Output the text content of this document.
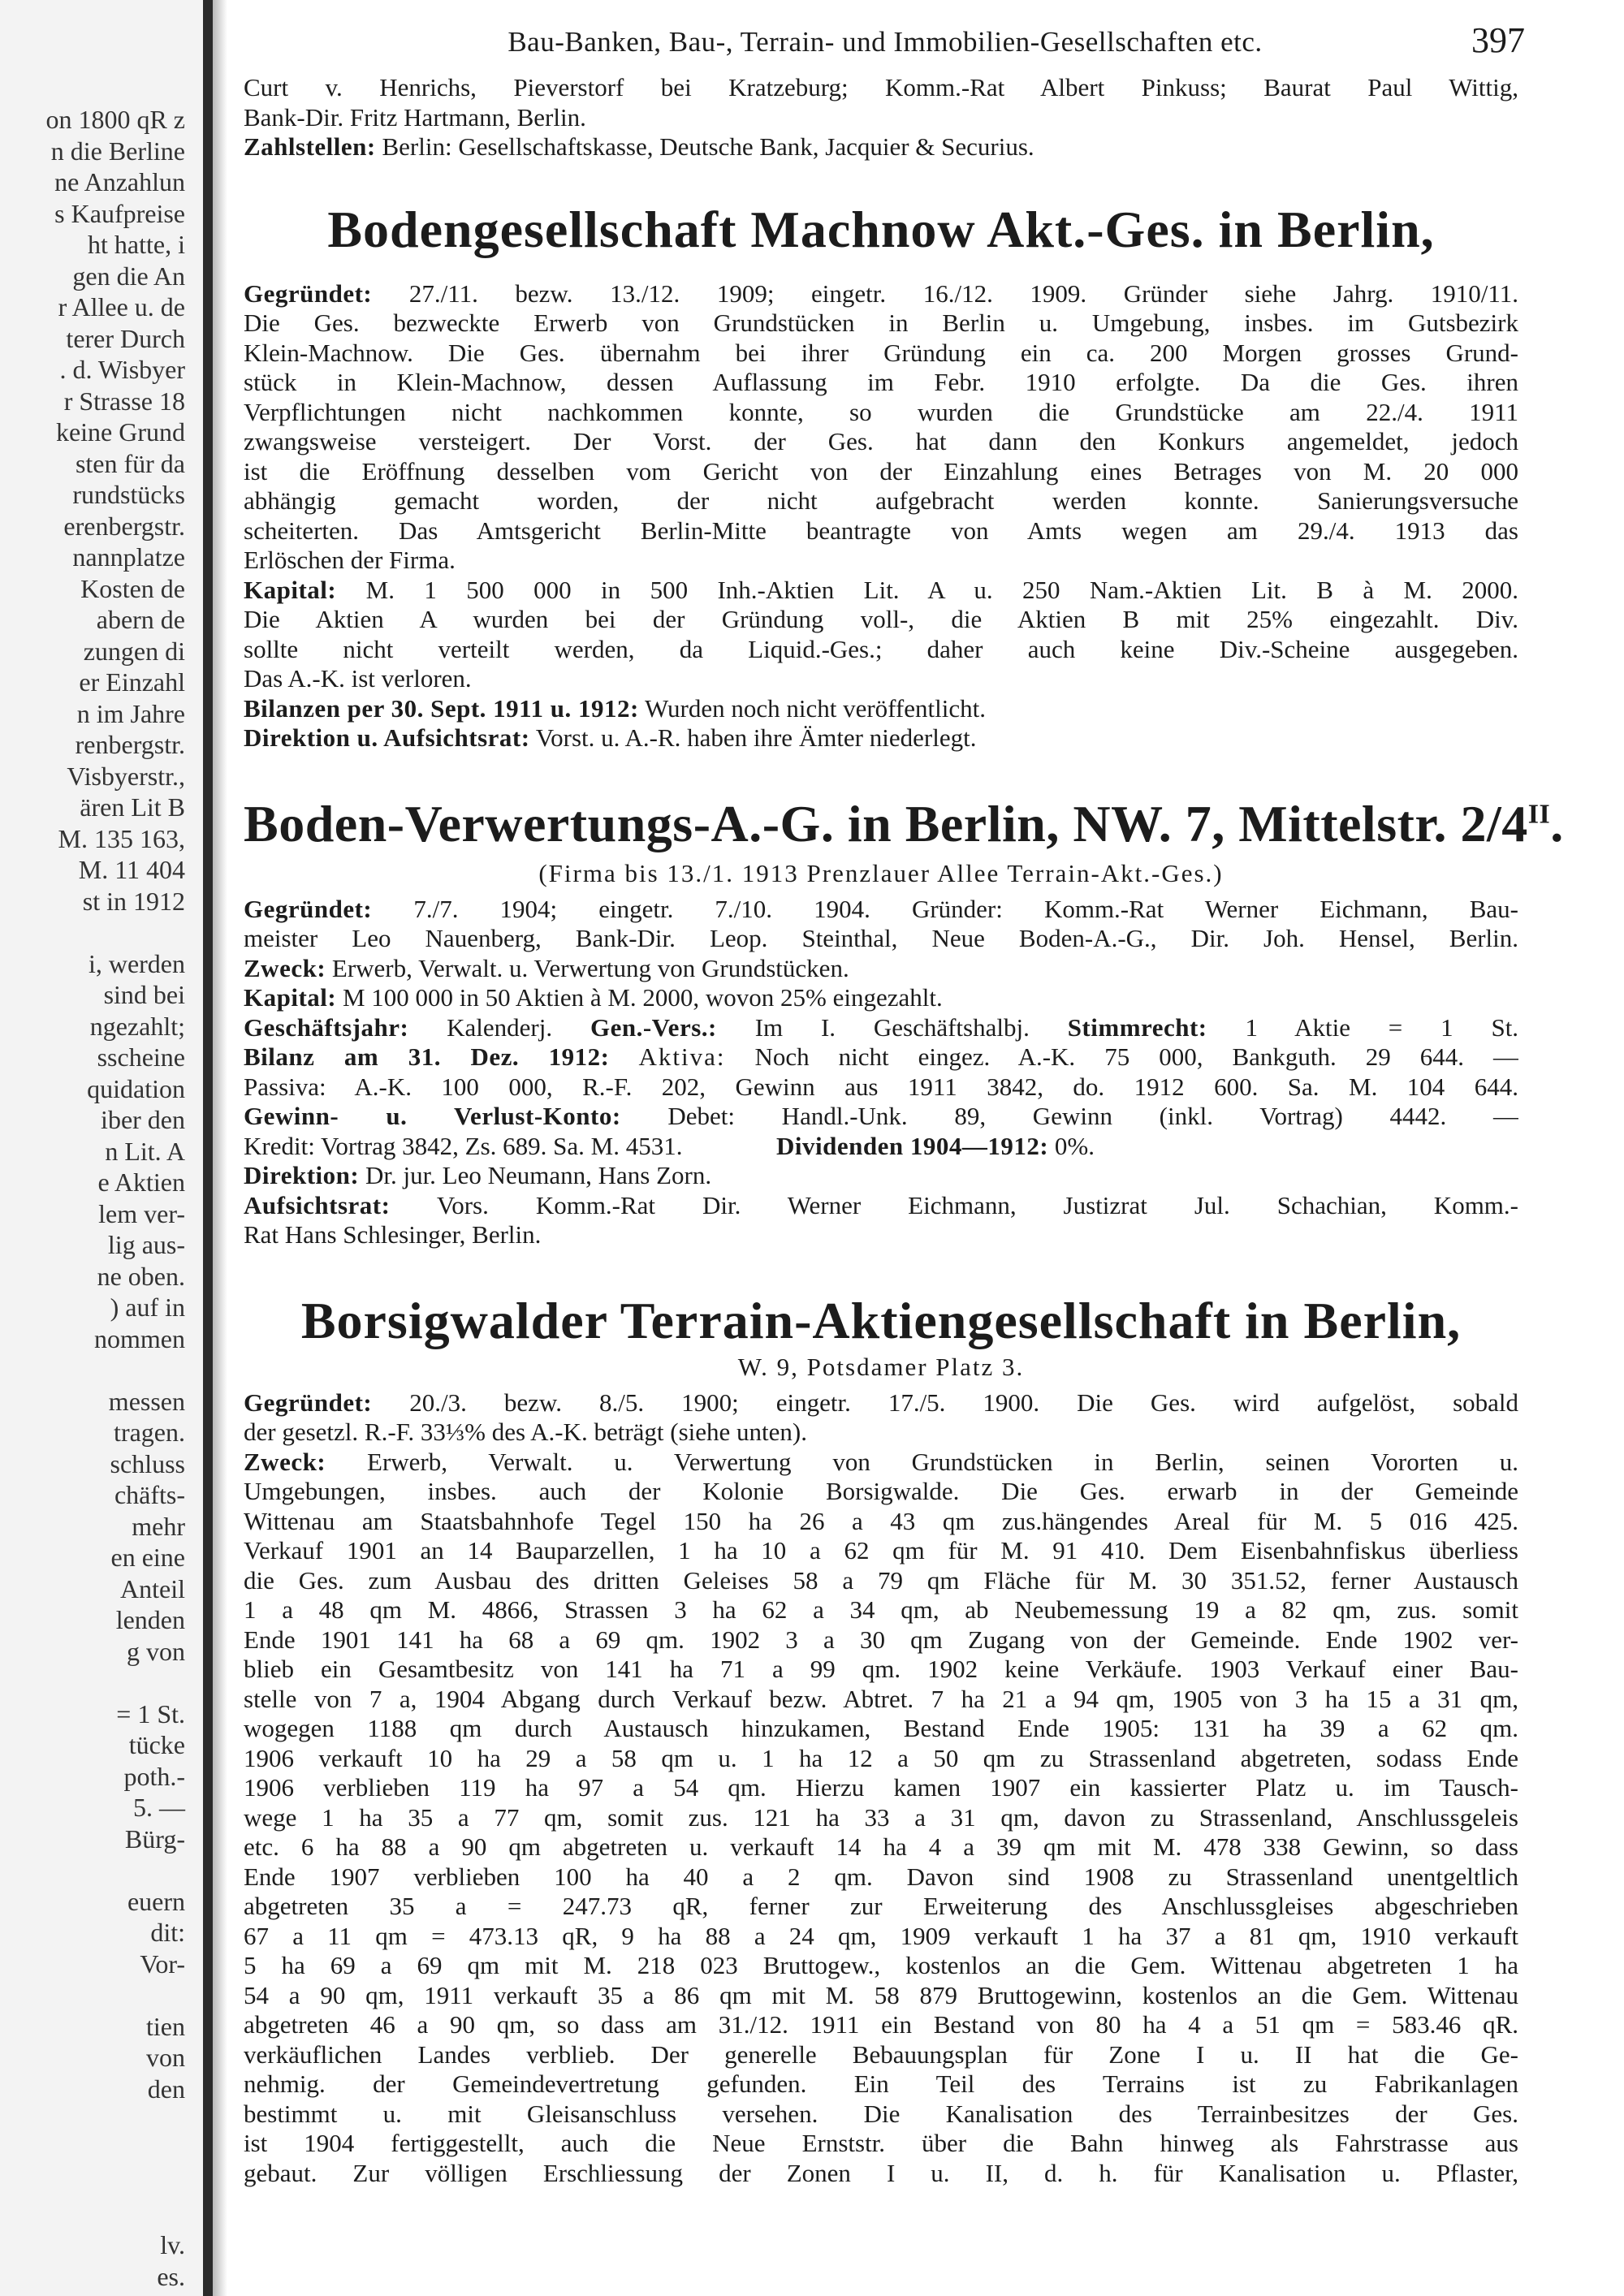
on 1800 qR z
n die Berline
ne Anzahlun
s Kaufpreise
ht hatte, i
gen die An
r Allee u. de
terer Durch
. d. Wisbyer
r Strasse 18
keine Grund
sten für da
rundstücks
erenbergstr.
nannplatze
Kosten de
abern de
zungen di
er Einzahl
n im Jahre
renbergstr.
Visbyerstr.,
ären Lit B
M. 135 163,
M. 11 404
st in 1912
i, werden
sind bei
ngezahlt;
sscheine
quidation
iber den
n Lit. A
e Aktien
lem ver-
lig aus-
ne oben.
) auf in
nommen
messen
tragen.
schluss
chäfts-
mehr
en eine
Anteil
lenden
g von
= 1 St.
tücke
poth.-
5. —
Bürg-
euern
dit:
Vor-
tien
von
den
lv.
es.
Bau-Banken, Bau-, Terrain- und Immobilien-Gesellschaften etc.	397

Curt v. Henrichs, Pieverstorf bei Kratzeburg; Komm.-Rat Albert Pinkuss; Baurat Paul Wittig,

Bank-Dir. Fritz Hartmann, Berlin.

Zahlstellen: Berlin: Gesellschaftskasse, Deutsche Bank, Jacquier & Securius.

Bodengesellschaft Machnow Akt.-Ges. in Berlin,

Gegründet: 27./11. bezw. 13./12. 1909; eingetr. 16./12. 1909. Gründer siehe Jahrg. 1910/11.

Die Ges. bezweckte Erwerb von Grundstücken in Berlin u. Umgebung, insbes. im Gutsbezirk

Klein-Machnow. Die Ges. übernahm bei ihrer Gründung ein ca. 200 Morgen grosses Grund-

stück in Klein-Machnow, dessen Auflassung im Febr. 1910 erfolgte. Da die Ges. ihren

Verpflichtungen nicht nachkommen konnte, so wurden die Grundstücke am 22./4. 1911

zwangsweise versteigert. Der Vorst. der Ges. hat dann den Konkurs angemeldet, jedoch

ist die Eröffnung desselben vom Gericht von der Einzahlung eines Betrages von M. 20 000

abhängig gemacht worden, der nicht aufgebracht werden konnte. Sanierungsversuche

scheiterten. Das Amtsgericht Berlin-Mitte beantragte von Amts wegen am 29./4. 1913 das

Erlöschen der Firma.

Kapital: M. 1 500 000 in 500 Inh.-Aktien Lit. A u. 250 Nam.-Aktien Lit. B à M. 2000.

Die Aktien A wurden bei der Gründung voll-, die Aktien B mit 25% eingezahlt. Div.

sollte nicht verteilt werden, da Liquid.-Ges.; daher auch keine Div.-Scheine ausgegeben.

Das A.-K. ist verloren.

Bilanzen per 30. Sept. 1911 u. 1912: Wurden noch nicht veröffentlicht.

Direktion u. Aufsichtsrat: Vorst. u. A.-R. haben ihre Ämter niederlegt.

Boden-Verwertungs-A.-G. in Berlin, NW. 7, Mittelstr. $2/4^{II}$.
(Firma bis 13./1. 1913 Prenzlauer Allee Terrain-Akt.-Ges.)

Gegründet: 7./7. 1904; eingetr. 7./10. 1904. Gründer: Komm.-Rat Werner Eichmann, Bau-

meister Leo Nauenberg, Bank-Dir. Leop. Steinthal, Neue Boden-A.-G., Dir. Joh. Hensel, Berlin.

Zweck: Erwerb, Verwalt. u. Verwertung von Grundstücken.

Kapital: M 100 000 in 50 Aktien à M. 2000, wovon 25% eingezahlt.

Geschäftsjahr: Kalenderj. Gen.-Vers.: Im I. Geschäftshalbj. Stimmrecht: 1 Aktie = 1 St.

Bilanz am 31. Dez. 1912: Aktiva: Noch nicht eingez. A.-K. 75 000, Bankguth. 29 644. —

Passiva: A.-K. 100 000, R.-F. 202, Gewinn aus 1911 3842, do. 1912 600. Sa. M. 104 644.

Gewinn- u. Verlust-Konto: Debet: Handl.-Unk. 89, Gewinn (inkl. Vortrag) 4442. —

Kredit: Vortrag 3842, Zs. 689. Sa. M. 4531.	Dividenden 1904—1912: 0%.

Direktion: Dr. jur. Leo Neumann, Hans Zorn.

Aufsichtsrat: Vors. Komm.-Rat Dir. Werner Eichmann, Justizrat Jul. Schachian, Komm.-

Rat Hans Schlesinger, Berlin.

Borsigwalder Terrain-Aktiengesellschaft in Berlin,
W. 9, Potsdamer Platz 3.

Gegründet: 20./3. bezw. 8./5. 1900; eingetr. 17./5. 1900. Die Ges. wird aufgelöst, sobald

der gesetzl. R.-F. 33⅓% des A.-K. beträgt (siehe unten).

Zweck: Erwerb, Verwalt. u. Verwertung von Grundstücken in Berlin, seinen Vororten u.

Umgebungen, insbes. auch der Kolonie Borsigwalde. Die Ges. erwarb in der Gemeinde

Wittenau am Staatsbahnhofe Tegel 150 ha 26 a 43 qm zus.hängendes Areal für M. 5 016 425.

Verkauf 1901 an 14 Bauparzellen, 1 ha 10 a 62 qm für M. 91 410. Dem Eisenbahnfiskus überliess

die Ges. zum Ausbau des dritten Geleises 58 a 79 qm Fläche für M. 30 351.52, ferner Austausch

1 a 48 qm M. 4866, Strassen 3 ha 62 a 34 qm, ab Neubemessung 19 a 82 qm, zus. somit

Ende 1901 141 ha 68 a 69 qm. 1902 3 a 30 qm Zugang von der Gemeinde. Ende 1902 ver-

blieb ein Gesamtbesitz von 141 ha 71 a 99 qm. 1902 keine Verkäufe. 1903 Verkauf einer Bau-

stelle von 7 a, 1904 Abgang durch Verkauf bezw. Abtret. 7 ha 21 a 94 qm, 1905 von 3 ha 15 a 31 qm,

wogegen 1188 qm durch Austausch hinzukamen, Bestand Ende 1905: 131 ha 39 a 62 qm.

1906 verkauft 10 ha 29 a 58 qm u. 1 ha 12 a 50 qm zu Strassenland abgetreten, sodass Ende

1906 verblieben 119 ha 97 a 54 qm. Hierzu kamen 1907 ein kassierter Platz u. im Tausch-

wege 1 ha 35 a 77 qm, somit zus. 121 ha 33 a 31 qm, davon zu Strassenland, Anschlussgeleis

etc. 6 ha 88 a 90 qm abgetreten u. verkauft 14 ha 4 a 39 qm mit M. 478 338 Gewinn, so dass

Ende 1907 verblieben 100 ha 40 a 2 qm. Davon sind 1908 zu Strassenland unentgeltlich

abgetreten 35 a = 247.73 qR, ferner zur Erweiterung des Anschlussgleises abgeschrieben

67 a 11 qm = 473.13 qR, 9 ha 88 a 24 qm, 1909 verkauft 1 ha 37 a 81 qm, 1910 verkauft

5 ha 69 a 69 qm mit M. 218 023 Bruttogew., kostenlos an die Gem. Wittenau abgetreten 1 ha

54 a 90 qm, 1911 verkauft 35 a 86 qm mit M. 58 879 Bruttogewinn, kostenlos an die Gem. Wittenau

abgetreten 46 a 90 qm, so dass am 31./12. 1911 ein Bestand von 80 ha 4 a 51 qm = 583.46 qR.

verkäuflichen Landes verblieb. Der generelle Bebauungsplan für Zone I u. II hat die Ge-

nehmig. der Gemeindevertretung gefunden. Ein Teil des Terrains ist zu Fabrikanlagen

bestimmt u. mit Gleisanschluss versehen. Die Kanalisation des Terrainbesitzes der Ges.

ist 1904 fertiggestellt, auch die Neue Ernststr. über die Bahn hinweg als Fahrstrasse aus

gebaut. Zur völligen Erschliessung der Zonen I u. II, d. h. für Kanalisation u. Pflaster,
